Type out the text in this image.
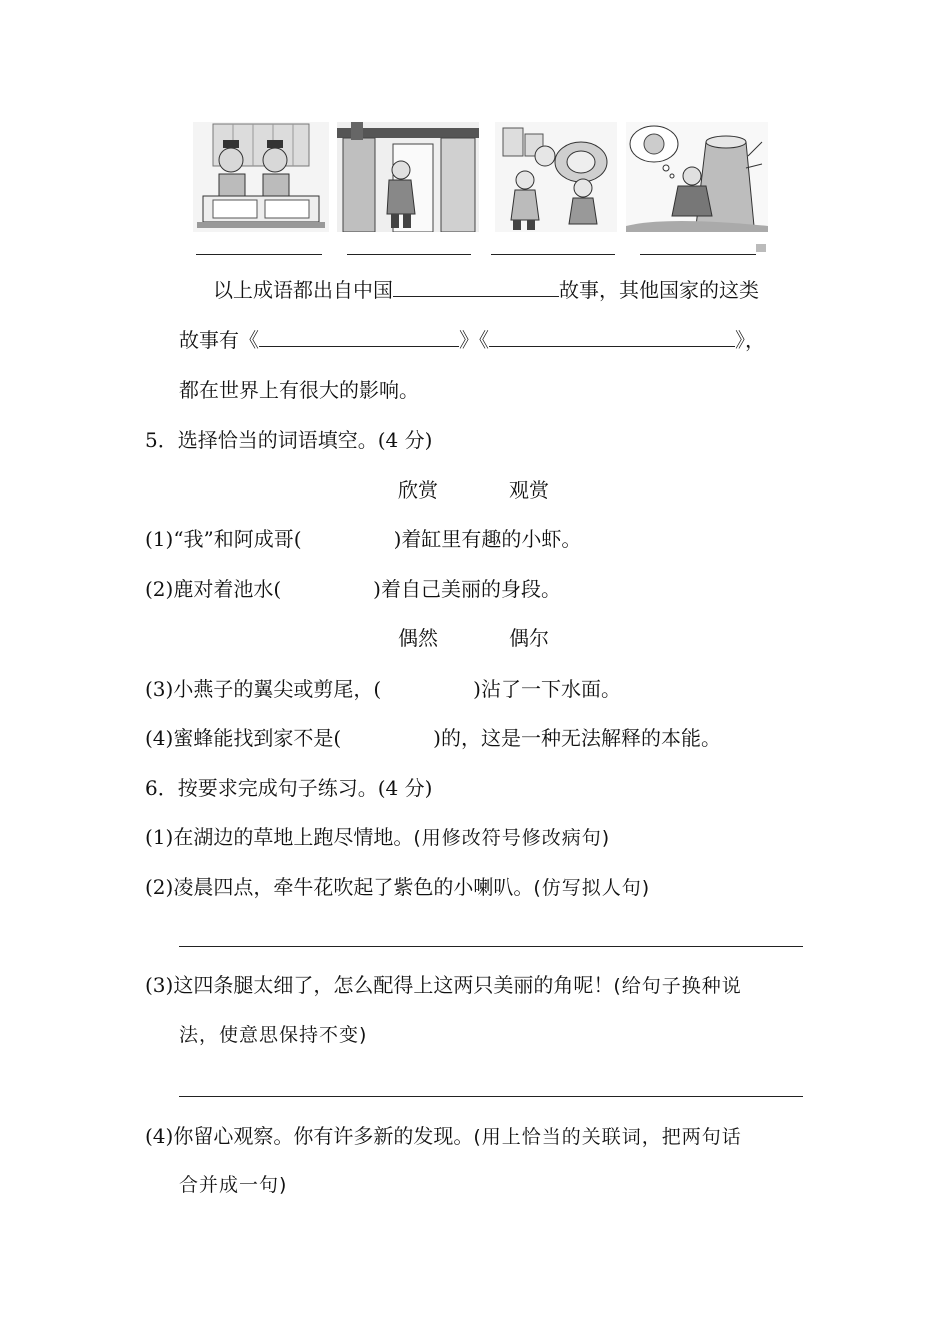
以上成语都出自中国	故事，其他国家的这类
故事有《	》《	》，
都在世界上有很大的影响。
5．选择恰当的词语填空。(4 分)
欣赏	观赏
(1)“我”和阿成哥(	)着缸里有趣的小虾。
(2)鹿对着池水(	)着自己美丽的身段。
偶然	偶尔
(3)小燕子的翼尖或剪尾，(	)沾了一下水面。
(4)蜜蜂能找到家不是(	)的，这是一种无法解释的本能。
6．按要求完成句子练习。(4 分)
(1)在湖边的草地上跑尽情地。(用修改符号修改病句)
(2)凌晨四点，牵牛花吹起了紫色的小喇叭。(仿写拟人句)
(3)这四条腿太细了，怎么配得上这两只美丽的角呢！(给句子换种说
法，使意思保持不变)
(4)你留心观察。你有许多新的发现。(用上恰当的关联词，把两句话
合并成一句)
